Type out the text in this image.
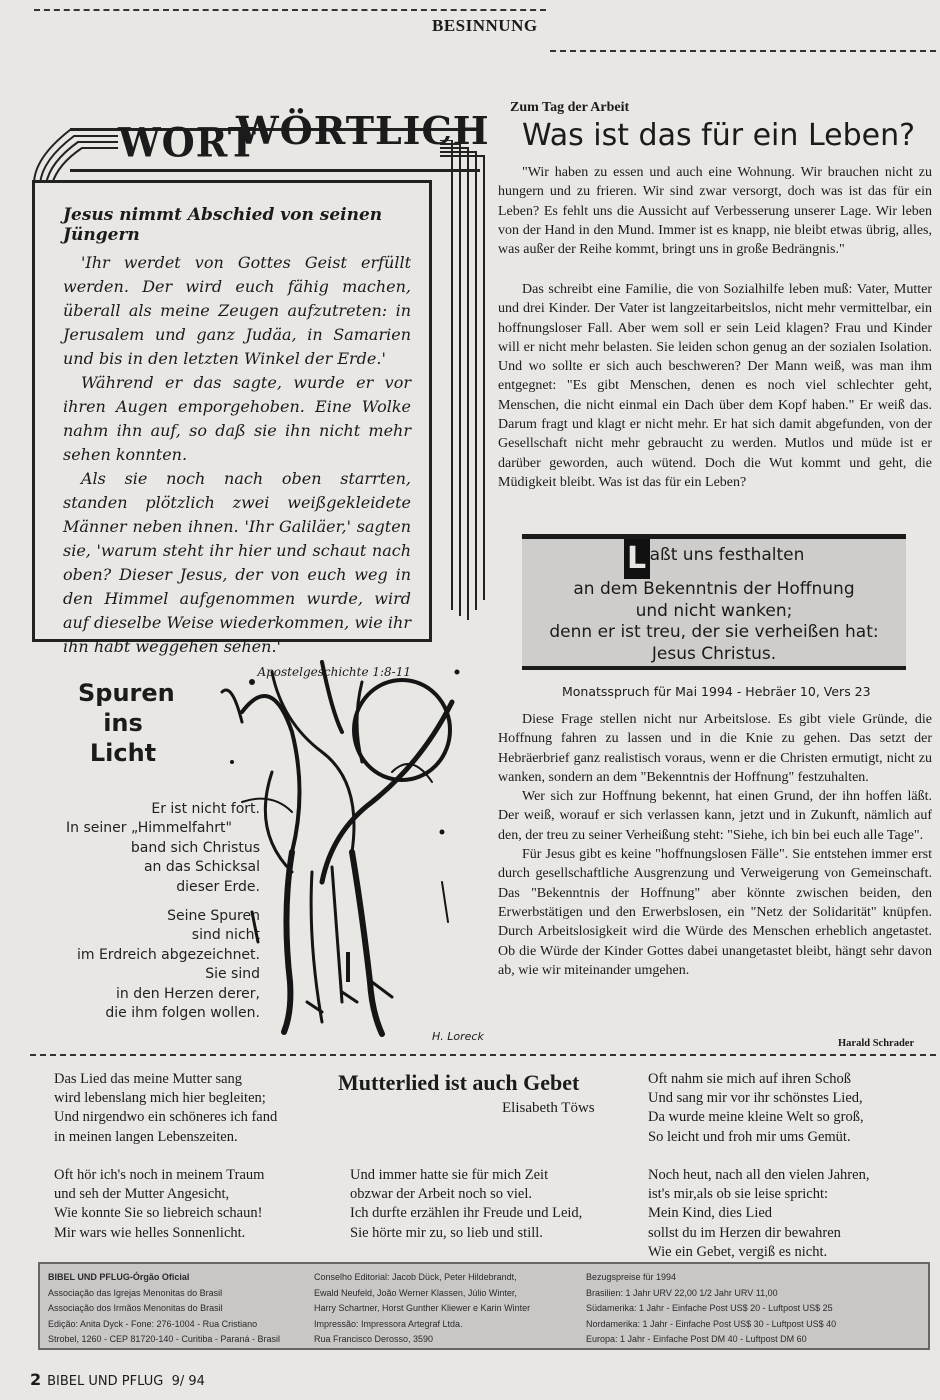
BESINNUNG
WORT
WÖRTLICH
Jesus nimmt Abschied von seinen Jüngern

'Ihr werdet von Gottes Geist erfüllt werden. Der wird euch fähig machen, überall als meine Zeugen aufzutreten: in Jerusalem und ganz Judäa, in Samarien und bis in den letzten Winkel der Erde.'

Während er das sagte, wurde er vor ihren Augen emporgehoben. Eine Wolke nahm ihn auf, so daß sie ihn nicht mehr sehen konnten.

Als sie noch nach oben starrten, standen plötzlich zwei weißgekleidete Männer neben ihnen. 'Ihr Galiläer,' sagten sie, 'warum steht ihr hier und schaut nach oben? Dieser Jesus, der von euch weg in den Himmel aufgenommen wurde, wird auf dieselbe Weise wiederkommen, wie ihr ihn habt weggehen sehen.'

Apostelgeschichte 1:8-11
Zum Tag der Arbeit
Was ist das für ein Leben?
"Wir haben zu essen und auch eine Wohnung. Wir brauchen nicht zu hungern und zu frieren. Wir sind zwar versorgt, doch was ist das für ein Leben? Es fehlt uns die Aussicht auf Verbesserung unserer Lage. Wir leben von der Hand in den Mund. Immer ist es knapp, nie bleibt etwas übrig, alles, was außer der Reihe kommt, bringt uns in große Bedrängnis."
Das schreibt eine Familie, die von Sozialhilfe leben muß: Vater, Mutter und drei Kinder. Der Vater ist langzeitarbeitslos, nicht mehr vermittelbar, ein hoffnungsloser Fall. Aber wem soll er sein Leid klagen? Frau und Kinder will er nicht mehr belasten. Sie leiden schon genug an der sozialen Isolation. Und wo sollte er sich auch beschweren? Der Mann weiß, was man ihm entgegnet: "Es gibt Menschen, denen es noch viel schlechter geht, Menschen, die nicht einmal ein Dach über dem Kopf haben." Er weiß das. Darum fragt und klagt er nicht mehr. Er hat sich damit abgefunden, von der Gesellschaft nicht mehr gebraucht zu werden. Mutlos und müde ist er darüber geworden, auch wütend. Doch die Wut kommt und geht, die Müdigkeit bleibt. Was ist das für ein Leben?
L aßt uns festhalten
an dem Bekenntnis der Hoffnung
und nicht wanken;
denn er ist treu, der sie verheißen hat:
Jesus Christus.
Monatsspruch für Mai 1994 - Hebräer 10, Vers 23

Diese Frage stellen nicht nur Arbeitslose. Es gibt viele Gründe, die Hoffnung fahren zu lassen und in die Knie zu gehen. Das setzt der Hebräerbrief ganz realistisch voraus, wenn er die Christen ermutigt, nicht zu wanken, sondern an dem "Bekenntnis der Hoffnung" festzuhalten.

Wer sich zur Hoffnung bekennt, hat einen Grund, der ihn hoffen läßt. Der weiß, worauf er sich verlassen kann, jetzt und in Zukunft, nämlich auf den, der treu zu seiner Verheißung steht: "Siehe, ich bin bei euch alle Tage".

Für Jesus gibt es keine "hoffnungslosen Fälle". Sie entstehen immer erst durch gesellschaftliche Ausgrenzung und Verweigerung von Gemeinschaft. Das "Bekenntnis der Hoffnung" aber könnte zwischen beiden, den Erwerbstätigen und den Erwerbslosen, ein "Netz der Solidarität" knüpfen. Durch Arbeitslosigkeit wird die Würde des Menschen erheblich angetastet. Ob die Würde der Kinder Gottes dabei unangetastet bleibt, hängt sehr davon ab, wie wir miteinander umgehen.

Harald Schrader
Spuren
ins
Licht
Er ist nicht fort.
In seiner „Himmelfahrt"
band sich Christus
an das Schicksal
dieser Erde.
Seine Spuren
sind nicht
im Erdreich abgezeichnet.
Sie sind
in den Herzen derer,
die ihm folgen wollen.
H. Loreck
Mutterlied ist auch Gebet
Elisabeth Töws
Das Lied das meine Mutter sang
wird lebenslang mich hier begleiten;
Und nirgendwo ein schöneres ich fand
in meinen langen Lebenszeiten.
Oft hör ich's noch in meinem Traum
und seh der Mutter Angesicht,
Wie konnte Sie so liebreich schaun!
Mir wars wie helles Sonnenlicht.
Und immer hatte sie für mich Zeit
obzwar der Arbeit noch so viel.
Ich durfte erzählen ihr Freude und Leid,
Sie hörte mir zu, so lieb und still.
Oft nahm sie mich auf ihren Schoß
Und sang mir vor ihr schönstes Lied,
Da wurde meine kleine Welt so groß,
So leicht und froh mir ums Gemüt.
Noch heut, nach all den vielen Jahren,
ist's mir,als ob sie leise spricht:
Mein Kind, dies Lied
sollst du im Herzen dir bewahren
Wie ein Gebet, vergiß es nicht.
BIBEL UND PFLUG-Órgão Oficial
Associação das Igrejas Menonitas do Brasil
Associação dos Irmãos Menonitas do Brasil
Edição: Anita Dyck - Fone: 276-1004 - Rua Cristiano
Strobel, 1260 - CEP 81720-140 - Curitiba - Paraná - Brasil
Conselho Editorial: Jacob Dück, Peter Hildebrandt,
Ewald Neufeld, João Werner Klassen, Júlio Winter,
Harry Schartner, Horst Gunther Kliewer e Karin Winter
Impressão: Impressora Artegraf Ltda.
Rua Francisco Derosso, 3590
Bezugspreise für 1994
Brasilien: 1 Jahr URV 22,00 1/2 Jahr URV 11,00
Südamerika: 1 Jahr - Einfache Post US$ 20 - Luftpost US$ 25
Nordamerika: 1 Jahr - Einfache Post US$ 30 - Luftpost US$ 40
Europa: 1 Jahr - Einfache Post DM 40 - Luftpost DM 60
2 BIBEL UND PFLUG 9/ 94
